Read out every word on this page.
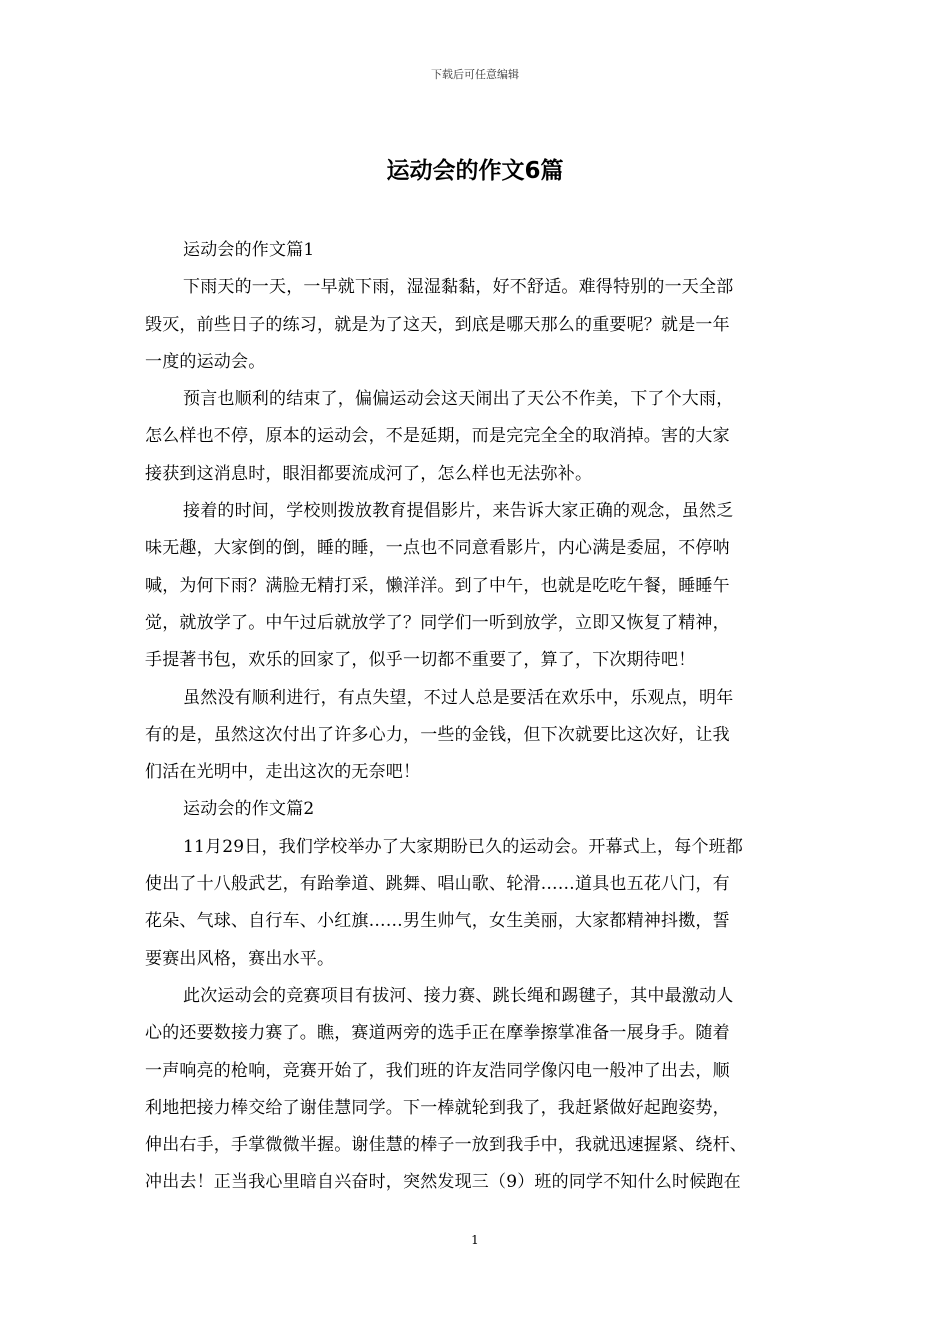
下载后可任意编辑
运动会的作文6篇
运动会的作文篇1
下雨天的一天，一早就下雨，湿湿黏黏，好不舒适。难得特别的一天全部
毁灭，前些日子的练习，就是为了这天，到底是哪天那么的重要呢？就是一年
一度的运动会。
预言也顺利的结束了，偏偏运动会这天闹出了天公不作美，下了个大雨，
怎么样也不停，原本的运动会，不是延期，而是完完全全的取消掉。害的大家
接获到这消息时，眼泪都要流成河了，怎么样也无法弥补。
接着的时间，学校则拨放教育提倡影片，来告诉大家正确的观念，虽然乏
味无趣，大家倒的倒，睡的睡，一点也不同意看影片，内心满是委屈，不停呐
喊，为何下雨？满脸无精打采，懒洋洋。到了中午，也就是吃吃午餐，睡睡午
觉，就放学了。中午过后就放学了？同学们一听到放学，立即又恢复了精神，
手提著书包，欢乐的回家了，似乎一切都不重要了，算了，下次期待吧！
虽然没有顺利进行，有点失望，不过人总是要活在欢乐中，乐观点，明年
有的是，虽然这次付出了许多心力，一些的金钱，但下次就要比这次好，让我
们活在光明中，走出这次的无奈吧！
运动会的作文篇2
11月29日，我们学校举办了大家期盼已久的运动会。开幕式上，每个班都
使出了十八般武艺，有跆拳道、跳舞、唱山歌、轮滑……道具也五花八门，有
花朵、气球、自行车、小红旗……男生帅气，女生美丽，大家都精神抖擞，誓
要赛出风格，赛出水平。
此次运动会的竞赛项目有拔河、接力赛、跳长绳和踢毽子，其中最激动人
心的还要数接力赛了。瞧，赛道两旁的选手正在摩拳擦掌准备一展身手。随着
一声响亮的枪响，竞赛开始了，我们班的许友浩同学像闪电一般冲了出去，顺
利地把接力棒交给了谢佳慧同学。下一棒就轮到我了，我赶紧做好起跑姿势，
伸出右手，手掌微微半握。谢佳慧的棒子一放到我手中，我就迅速握紧、绕杆、
冲出去！正当我心里暗自兴奋时，突然发现三（9）班的同学不知什么时候跑在
1
